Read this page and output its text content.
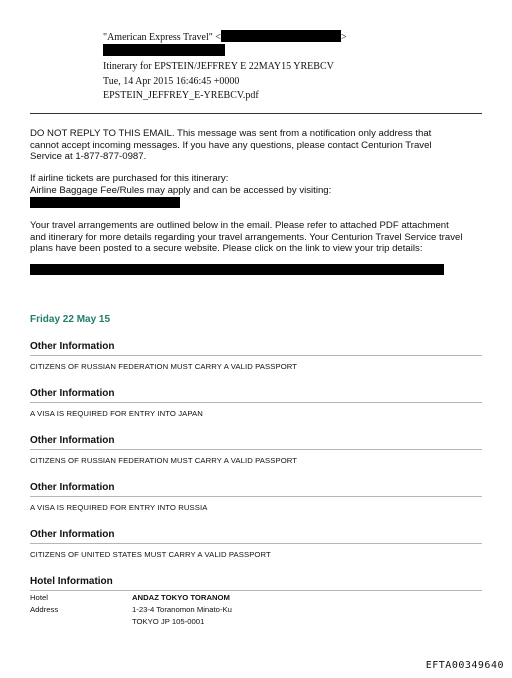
"American Express Travel" <	>
Itinerary for EPSTEIN/JEFFREY E 22MAY15 YREBCV
Tue, 14 Apr 2015 16:46:45 +0000
EPSTEIN_JEFFREY_E-YREBCV.pdf

DO NOT REPLY TO THIS EMAIL. This message was sent from a notification only address that

cannot accept incoming messages. If you have any questions, please contact Centurion Travel

Service at 1-877-877-0987.

If airline tickets are purchased for this itinerary:

Airline Baggage Fee/Rules may apply and can be accessed by visiting:

Your travel arrangements are outlined below in the email. Please refer to attached PDF attachment

and itinerary for more details regarding your travel arrangements. Your Centurion Travel Service travel

plans have been posted to a secure website. Please click on the link to view your trip details:

Friday 22 May 15
Other Information
CITIZENS OF RUSSIAN FEDERATION MUST CARRY A VALID PASSPORT
Other Information
A VISA IS REQUIRED FOR ENTRY INTO JAPAN
Other Information
CITIZENS OF RUSSIAN FEDERATION MUST CARRY A VALID PASSPORT
Other Information
A VISA IS REQUIRED FOR ENTRY INTO RUSSIA
Other Information
CITIZENS OF UNITED STATES MUST CARRY A VALID PASSPORT
Hotel Information
Hotel	ANDAZ TOKYO TORANOM
Address	1-23-4 Toranomon Minato-Ku
TOKYO JP 105-0001
EFTA00349640
